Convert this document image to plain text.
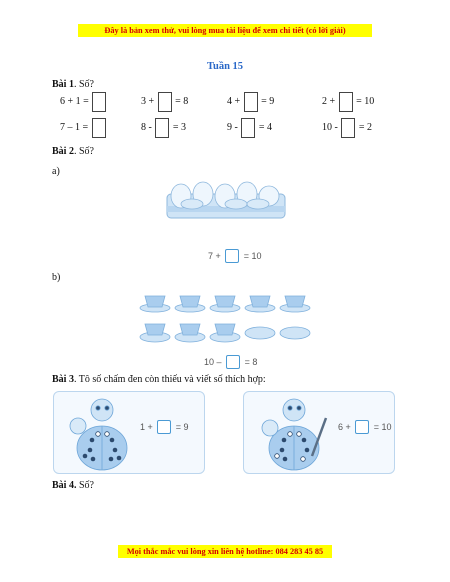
Đây là bản xem thử, vui lòng mua tài liệu để xem chi tiết (có lời giải)
Tuần 15
Bài 1. Số?
6 + 1 =	3 + = 8	4 + = 9	2 + = 10
7 – 1 =	8 - = 3	9 - = 4	10 - = 2
Bài 2. Số?
a)
7 +	= 10
b)
10 –	= 8
Bài 3. Tô số chấm đen còn thiếu và viết số thích hợp:
1 +	= 9	6 +	= 10
Bài 4. Số?
Mọi thắc mắc vui lòng xin liên hệ hotline: 084 283 45 85
